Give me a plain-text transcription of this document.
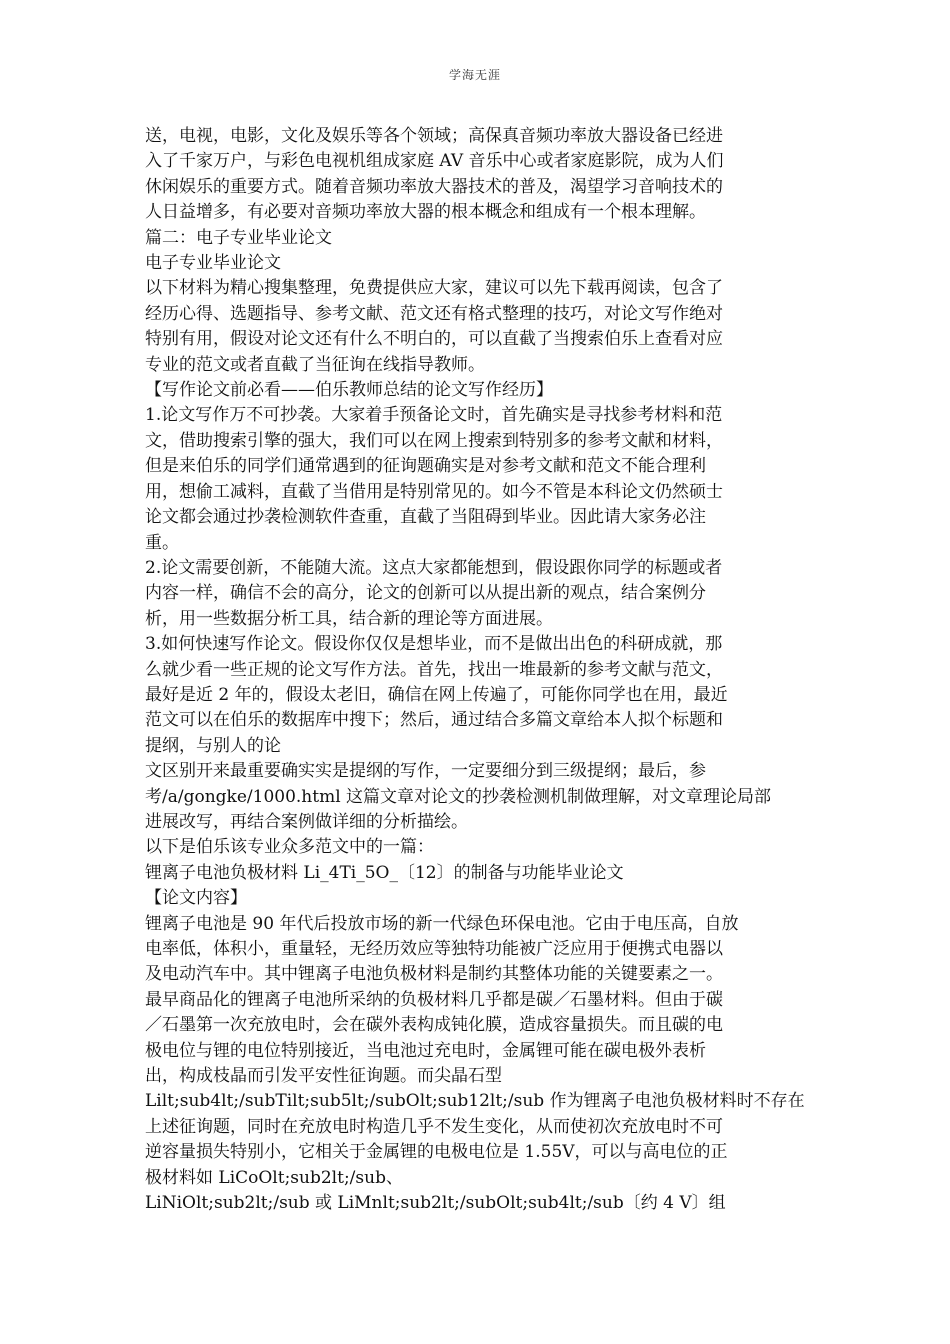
学海无涯
送，电视，电影，文化及娱乐等各个领域；高保真音频功率放大器设备已经进
入了千家万户，与彩色电视机组成家庭 AV 音乐中心或者家庭影院，成为人们
休闲娱乐的重要方式。随着音频功率放大器技术的普及，渴望学习音响技术的
人日益增多，有必要对音频功率放大器的根本概念和组成有一个根本理解。
篇二：电子专业毕业论文
电子专业毕业论文
以下材料为精心搜集整理，免费提供应大家，建议可以先下载再阅读，包含了
经历心得、选题指导、参考文献、范文还有格式整理的技巧，对论文写作绝对
特别有用，假设对论文还有什么不明白的，可以直截了当搜索伯乐上查看对应
专业的范文或者直截了当征询在线指导教师。
【写作论文前必看——伯乐教师总结的论文写作经历】
1.论文写作万不可抄袭。大家着手预备论文时，首先确实是寻找参考材料和范
文，借助搜索引擎的强大，我们可以在网上搜索到特别多的参考文献和材料，
但是来伯乐的同学们通常遇到的征询题确实是对参考文献和范文不能合理利
用，想偷工减料，直截了当借用是特别常见的。如今不管是本科论文仍然硕士
论文都会通过抄袭检测软件查重，直截了当阻碍到毕业。因此请大家务必注
重。
2.论文需要创新，不能随大流。这点大家都能想到，假设跟你同学的标题或者
内容一样，确信不会的高分，论文的创新可以从提出新的观点，结合案例分
析，用一些数据分析工具，结合新的理论等方面进展。
3.如何快速写作论文。假设你仅仅是想毕业，而不是做出出色的科研成就，那
么就少看一些正规的论文写作方法。首先，找出一堆最新的参考文献与范文，
最好是近 2 年的，假设太老旧，确信在网上传遍了，可能你同学也在用，最近
范文可以在伯乐的数据库中搜下；然后，通过结合多篇文章给本人拟个标题和
提纲，与别人的论
文区别开来最重要确实实是提纲的写作，一定要细分到三级提纲；最后，参
考/a/gongke/1000.html 这篇文章对论文的抄袭检测机制做理解，对文章理论局部
进展改写，再结合案例做详细的分析描绘。
以下是伯乐该专业众多范文中的一篇：
锂离子电池负极材料 Li_4Ti_5O_〔12〕的制备与功能毕业论文
【论文内容】
锂离子电池是 90 年代后投放市场的新一代绿色环保电池。它由于电压高，自放
电率低，体积小，重量轻，无经历效应等独特功能被广泛应用于便携式电器以
及电动汽车中。其中锂离子电池负极材料是制约其整体功能的关键要素之一。
最早商品化的锂离子电池所采纳的负极材料几乎都是碳／石墨材料。但由于碳
／石墨第一次充放电时，会在碳外表构成钝化膜，造成容量损失。而且碳的电
极电位与锂的电位特别接近，当电池过充电时，金属锂可能在碳电极外表析
出，构成枝晶而引发平安性征询题。而尖晶石型
Lilt;sub4lt;/subTilt;sub5lt;/subOlt;sub12lt;/sub 作为锂离子电池负极材料时不存在
上述征询题，同时在充放电时构造几乎不发生变化，从而使初次充放电时不可
逆容量损失特别小，它相关于金属锂的电极电位是 1.55V，可以与高电位的正
极材料如 LiCoOlt;sub2lt;/sub、
LiNiOlt;sub2lt;/sub 或 LiMnlt;sub2lt;/subOlt;sub4lt;/sub〔约 4 V〕组
